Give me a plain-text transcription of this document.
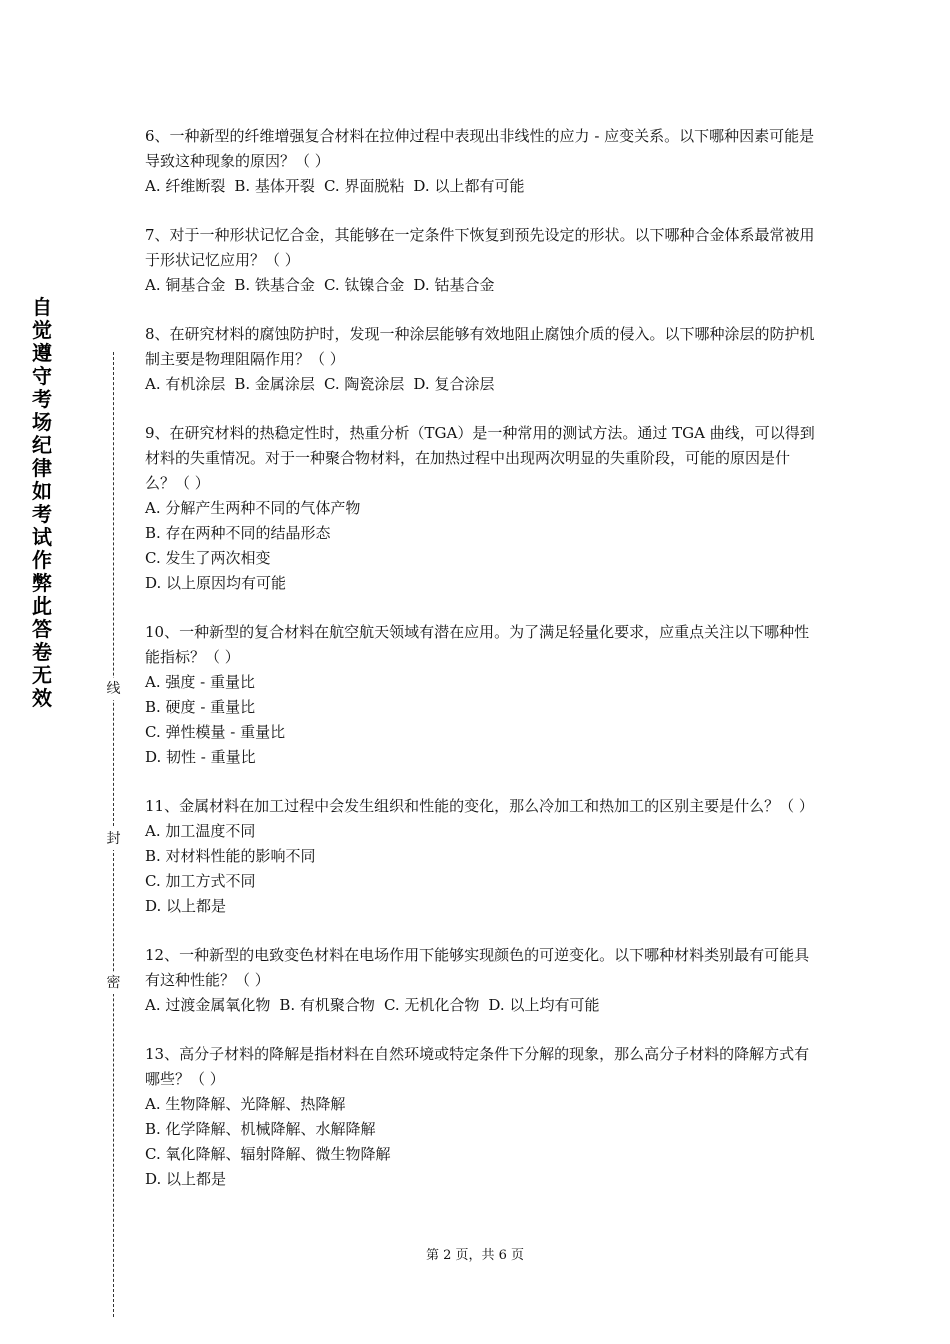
自
觉
遵
守
考
场
纪
律
如
考
试
作
弊
此
答
卷
无
效	线
封
密

6、一种新型的纤维增强复合材料在拉伸过程中表现出非线性的应力 - 应变关系。以下哪种因素可能是导致这种现象的原因？（ ）

A. 纤维断裂 B. 基体开裂 C. 界面脱粘 D. 以上都有可能

7、对于一种形状记忆合金，其能够在一定条件下恢复到预先设定的形状。以下哪种合金体系最常被用于形状记忆应用？（ ）

A. 铜基合金 B. 铁基合金 C. 钛镍合金 D. 钴基合金

8、在研究材料的腐蚀防护时，发现一种涂层能够有效地阻止腐蚀介质的侵入。以下哪种涂层的防护机制主要是物理阻隔作用？（ ）

A. 有机涂层 B. 金属涂层 C. 陶瓷涂层 D. 复合涂层

9、在研究材料的热稳定性时，热重分析（TGA）是一种常用的测试方法。通过 TGA 曲线，可以得到材料的失重情况。对于一种聚合物材料，在加热过程中出现两次明显的失重阶段，可能的原因是什么？（ ）

A. 分解产生两种不同的气体产物

B. 存在两种不同的结晶形态

C. 发生了两次相变

D. 以上原因均有可能

10、一种新型的复合材料在航空航天领域有潜在应用。为了满足轻量化要求，应重点关注以下哪种性能指标？（ ）

A. 强度 - 重量比

B. 硬度 - 重量比

C. 弹性模量 - 重量比

D. 韧性 - 重量比

11、金属材料在加工过程中会发生组织和性能的变化，那么冷加工和热加工的区别主要是什么？（ ）

A. 加工温度不同

B. 对材料性能的影响不同

C. 加工方式不同

D. 以上都是

12、一种新型的电致变色材料在电场作用下能够实现颜色的可逆变化。以下哪种材料类别最有可能具有这种性能？（ ）

A. 过渡金属氧化物 B. 有机聚合物 C. 无机化合物 D. 以上均有可能

13、高分子材料的降解是指材料在自然环境或特定条件下分解的现象，那么高分子材料的降解方式有哪些？（ ）

A. 生物降解、光降解、热降解

B. 化学降解、机械降解、水解降解

C. 氧化降解、辐射降解、微生物降解

D. 以上都是

第 2 页，共 6 页
